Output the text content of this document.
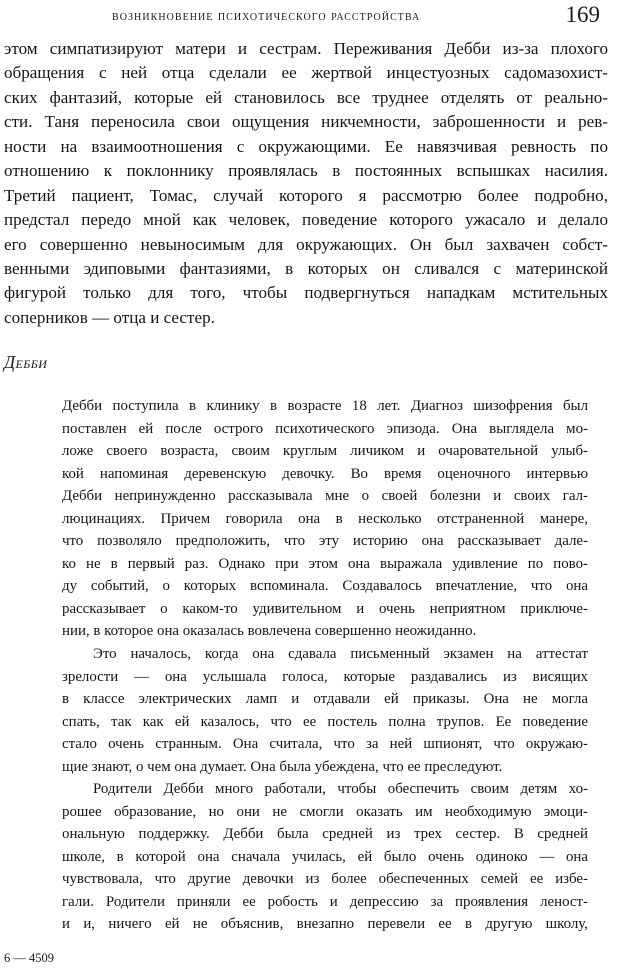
возникновение психотического расстройства	169
этом симпатизируют матери и сестрам. Переживания Дебби из-за плохого
обращения с ней отца сделали ее жертвой инцестуозных садомазохист-
ских фантазий, которые ей становилось все труднее отделять от реально-
сти. Таня переносила свои ощущения никчемности, заброшенности и рев-
ности на взаимоотношения с окружающими. Ее навязчивая ревность по
отношению к поклоннику проявлялась в постоянных вспышках насилия.
Третий пациент, Томас, случай которого я рассмотрю более подробно,
предстал передо мной как человек, поведение которого ужасало и делало
его совершенно невыносимым для окружающих. Он был захвачен собст-
венными эдиповыми фантазиями, в которых он сливался с материнской
фигурой только для того, чтобы подвергнуться нападкам мстительных
соперников — отца и сестер.
Дебби
Дебби поступила в клинику в возрасте 18 лет. Диагноз шизофрения был
поставлен ей после острого психотического эпизода. Она выглядела мо-
ложе своего возраста, своим круглым личиком и очаровательной улыб-
кой напоминая деревенскую девочку. Во время оценочного интервью
Дебби непринужденно рассказывала мне о своей болезни и своих гал-
люцинациях. Причем говорила она в несколько отстраненной манере,
что позволяло предположить, что эту историю она рассказывает дале-
ко не в первый раз. Однако при этом она выражала удивление по пово-
ду событий, о которых вспоминала. Создавалось впечатление, что она
рассказывает о каком-то удивительном и очень неприятном приключе-
нии, в которое она оказалась вовлечена совершенно неожиданно.
Это началось, когда она сдавала письменный экзамен на аттестат
зрелости — она услышала голоса, которые раздавались из висящих
в классе электрических ламп и отдавали ей приказы. Она не могла
спать, так как ей казалось, что ее постель полна трупов. Ее поведение
стало очень странным. Она считала, что за ней шпионят, что окружаю-
щие знают, о чем она думает. Она была убеждена, что ее преследуют.
Родители Дебби много работали, чтобы обеспечить своим детям хо-
рошее образование, но они не смогли оказать им необходимую эмоци-
ональную поддержку. Дебби была средней из трех сестер. В средней
школе, в которой она сначала училась, ей было очень одиноко — она
чувствовала, что другие девочки из более обеспеченных семей ее избе-
гали. Родители приняли ее робость и депрессию за проявления леност-
и и, ничего ей не объяснив, внезапно перевели ее в другую школу,
6 — 4509
